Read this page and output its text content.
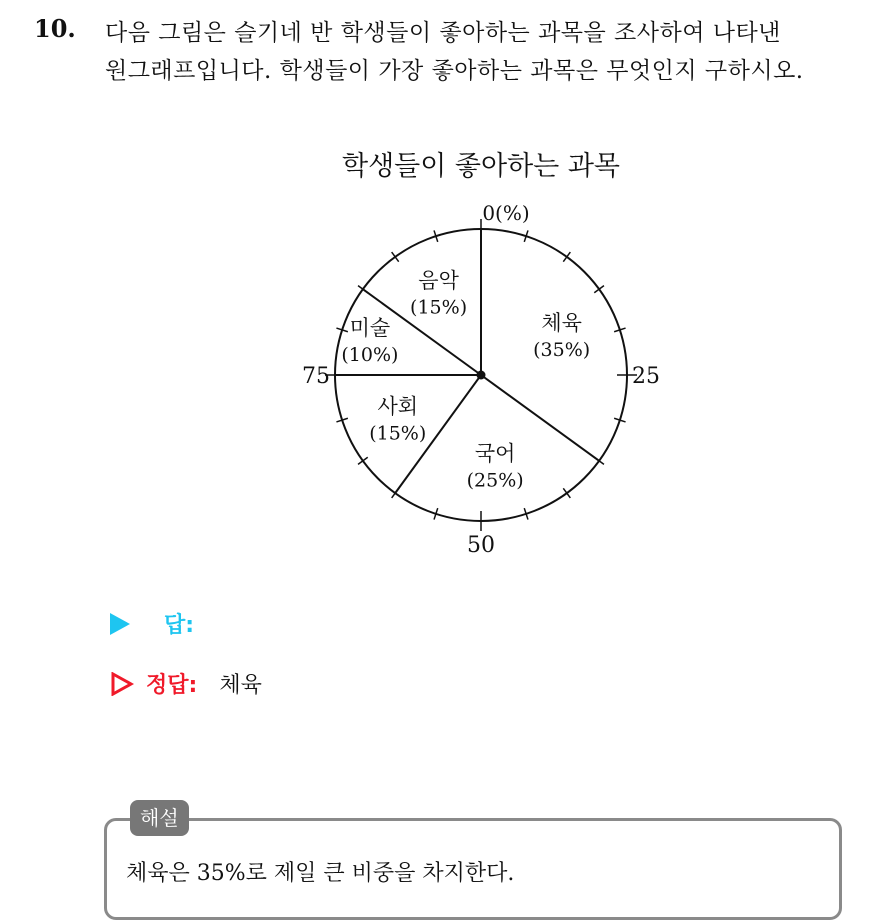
10. 다음 그림은 슬기네 반 학생들이 좋아하는 과목을 조사하여 나타낸
원그래프입니다. 학생들이 가장 좋아하는 과목은 무엇인지 구하시오.
학생들이 좋아하는 과목
0(%)
25
50
75
체육
(35%)
국어
(25%)
사회
(15%)
미술
(10%)
음악
(15%)
답:
정답: 체육
해설
체육은 35%로 제일 큰 비중을 차지한다.
